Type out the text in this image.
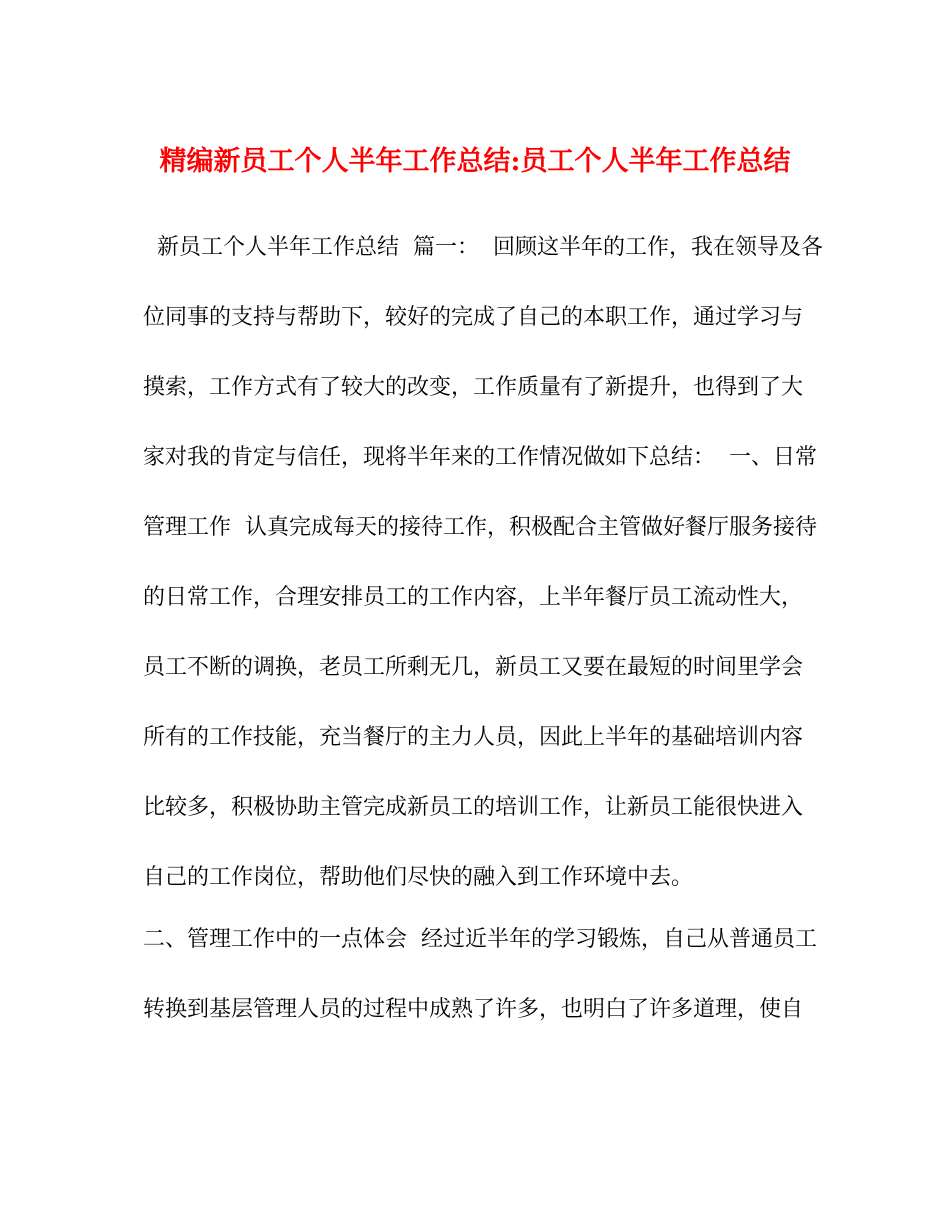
精编新员工个人半年工作总结:员工个人半年工作总结
新员工个人半年工作总结  篇一：  回顾这半年的工作，我在领导及各
位同事的支持与帮助下，较好的完成了自己的本职工作，通过学习与
摸索，工作方式有了较大的改变，工作质量有了新提升，也得到了大
家对我的肯定与信任，现将半年来的工作情况做如下总结：  一、日常
管理工作  认真完成每天的接待工作，积极配合主管做好餐厅服务接待
的日常工作，合理安排员工的工作内容，上半年餐厅员工流动性大，
员工不断的调换，老员工所剩无几，新员工又要在最短的时间里学会
所有的工作技能，充当餐厅的主力人员，因此上半年的基础培训内容
比较多，积极协助主管完成新员工的培训工作，让新员工能很快进入
自己的工作岗位，帮助他们尽快的融入到工作环境中去。
二、管理工作中的一点体会  经过近半年的学习锻炼，自己从普通员工
转换到基层管理人员的过程中成熟了许多，也明白了许多道理，使自
